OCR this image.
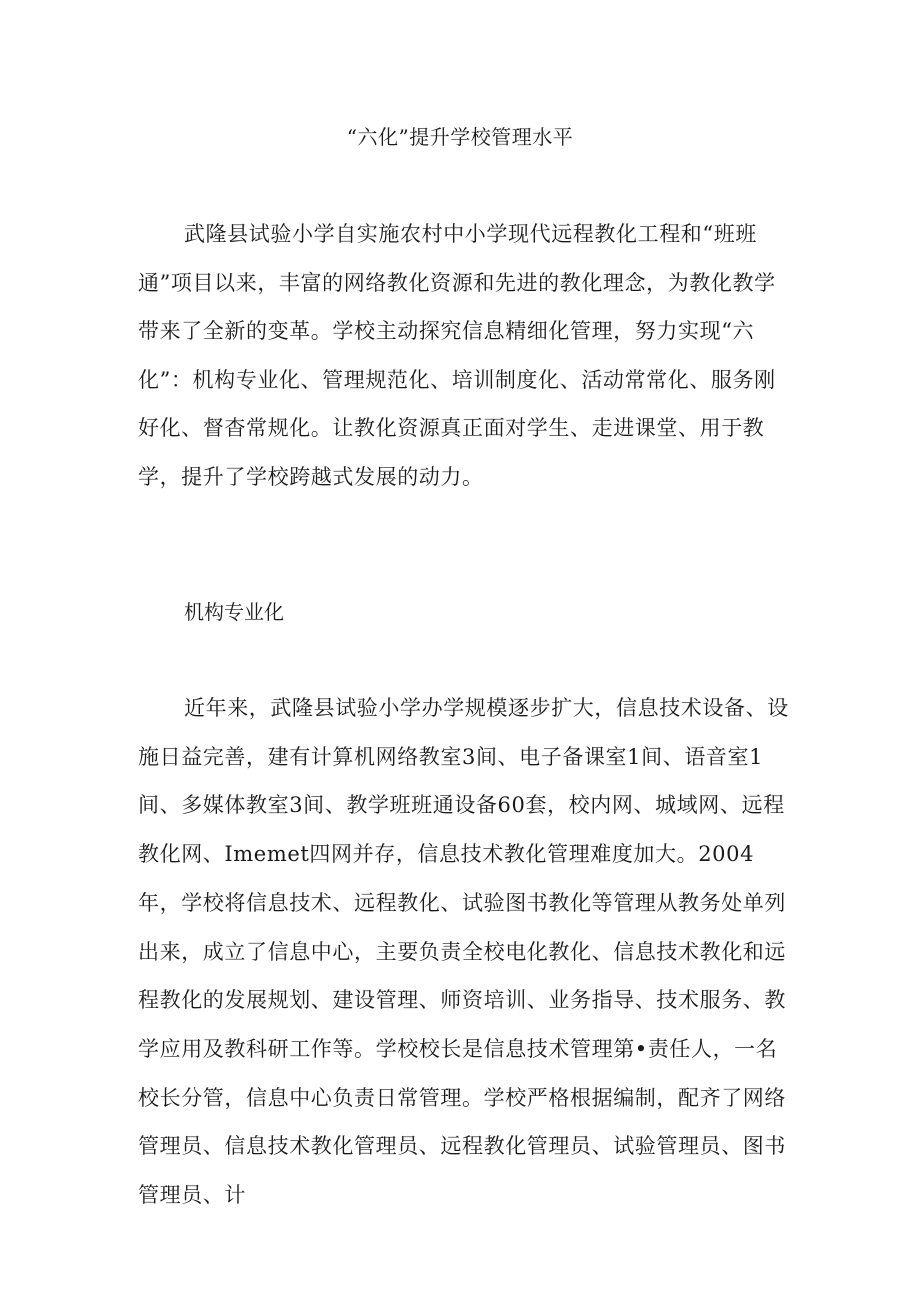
“六化”提升学校管理水平

武隆县试验小学自实施农村中小学现代远程教化工程和“班班通”项目以来，丰富的网络教化资源和先进的教化理念，为教化教学带来了全新的变革。学校主动探究信息精细化管理，努力实现“六化”：机构专业化、管理规范化、培训制度化、活动常常化、服务刚好化、督杳常规化。让教化资源真正面对学生、走进课堂、用于教学，提升了学校跨越式发展的动力。

机构专业化

近年来，武隆县试验小学办学规模逐步扩大，信息技术设备、设施日益完善，建有计算机网络教室3间、电子备课室1间、语音室1间、多媒体教室3间、教学班班通设备60套，校内网、城域网、远程教化网、Imemet四网并存，信息技术教化管理难度加大。2004年，学校将信息技术、远程教化、试验图书教化等管理从教务处单列出来，成立了信息中心，主要负责全校电化教化、信息技术教化和远程教化的发展规划、建设管理、师资培训、业务指导、技术服务、教学应用及教科研工作等。学校校长是信息技术管理第•责任人，一名校长分管，信息中心负责日常管理。学校严格根据编制，配齐了网络管理员、信息技术教化管理员、远程教化管理员、试验管理员、图书管理员、计
